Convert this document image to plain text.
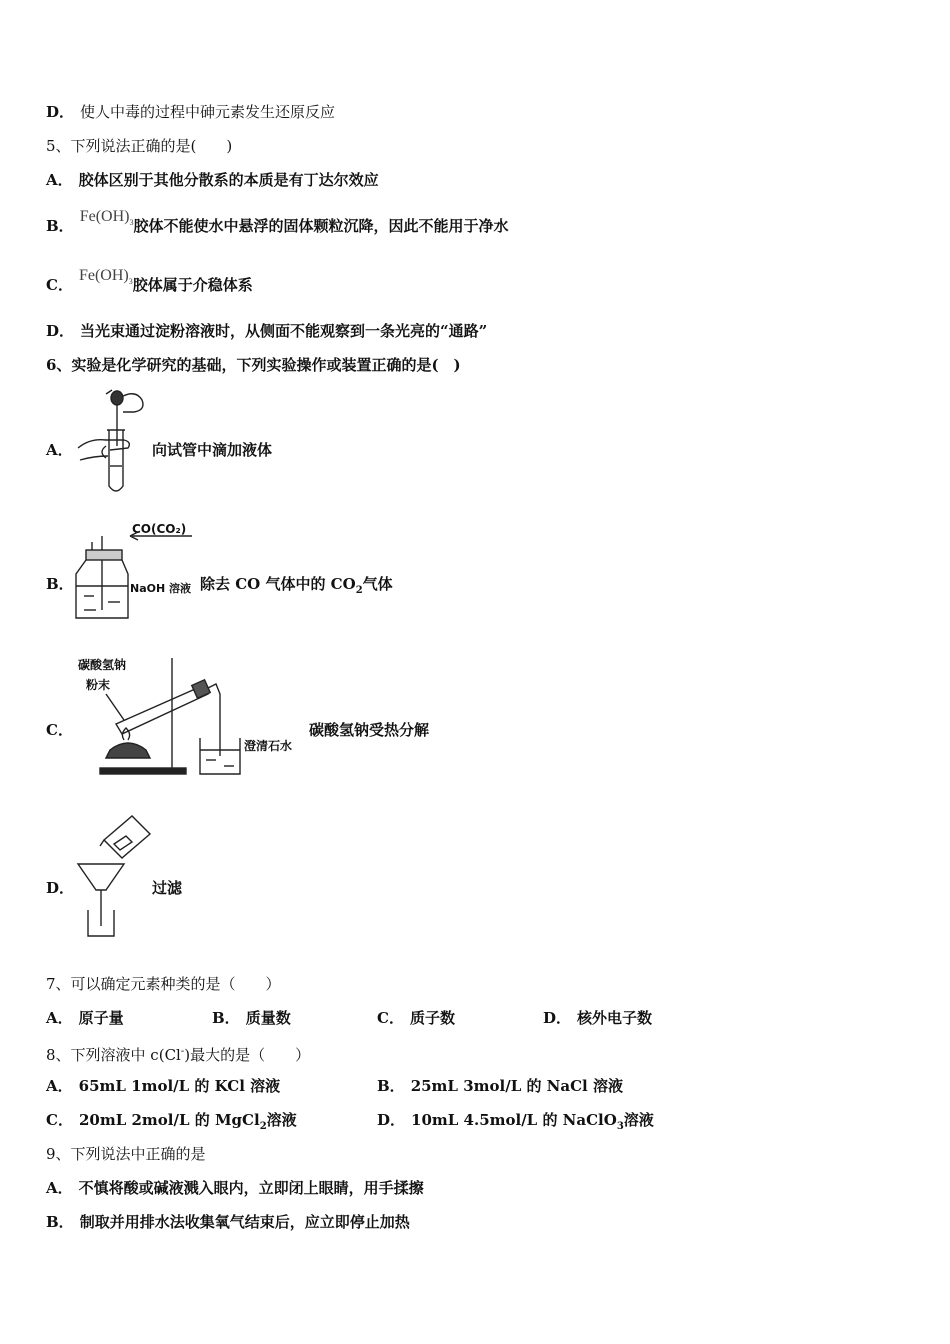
D． 使人中毒的过程中砷元素发生还原反应
5、下列说法正确的是(　　)
A． 胶体区别于其他分散系的本质是有丁达尔效应
B．$Fe(OH)_3$胶体不能使水中悬浮的固体颗粒沉降，因此不能用于净水
C．$Fe(OH)_3$胶体属于介稳体系
D． 当光束通过淀粉溶液时，从侧面不能观察到一条光亮的“通路”
6、实验是化学研究的基础，下列实验操作或装置正确的是(　)
A．	向试管中滴加液体
B．
CO(CO₂)
NaOH 溶液 除去 CO 气体中的 $CO_2$气体
C．
碳酸氢钠
粉末
澄清石水
碳酸氢钠受热分解
D．	过滤
7、可以确定元素种类的是（　　）
A． 原子量	B． 质量数	C． 质子数	D． 核外电子数
8、下列溶液中 c(Cl-)最大的是（　　）
A． 65mL 1mol/L 的 KCl 溶液	B． 25mL 3mol/L 的 NaCl 溶液
C． 20mL 2mol/L 的 MgCl$_2$溶液	D． 10mL 4.5mol/L 的 NaClO$_3$溶液
9、下列说法中正确的是
A． 不慎将酸或碱液溅入眼内，立即闭上眼睛，用手揉擦
B． 制取并用排水法收集氧气结束后，应立即停止加热
